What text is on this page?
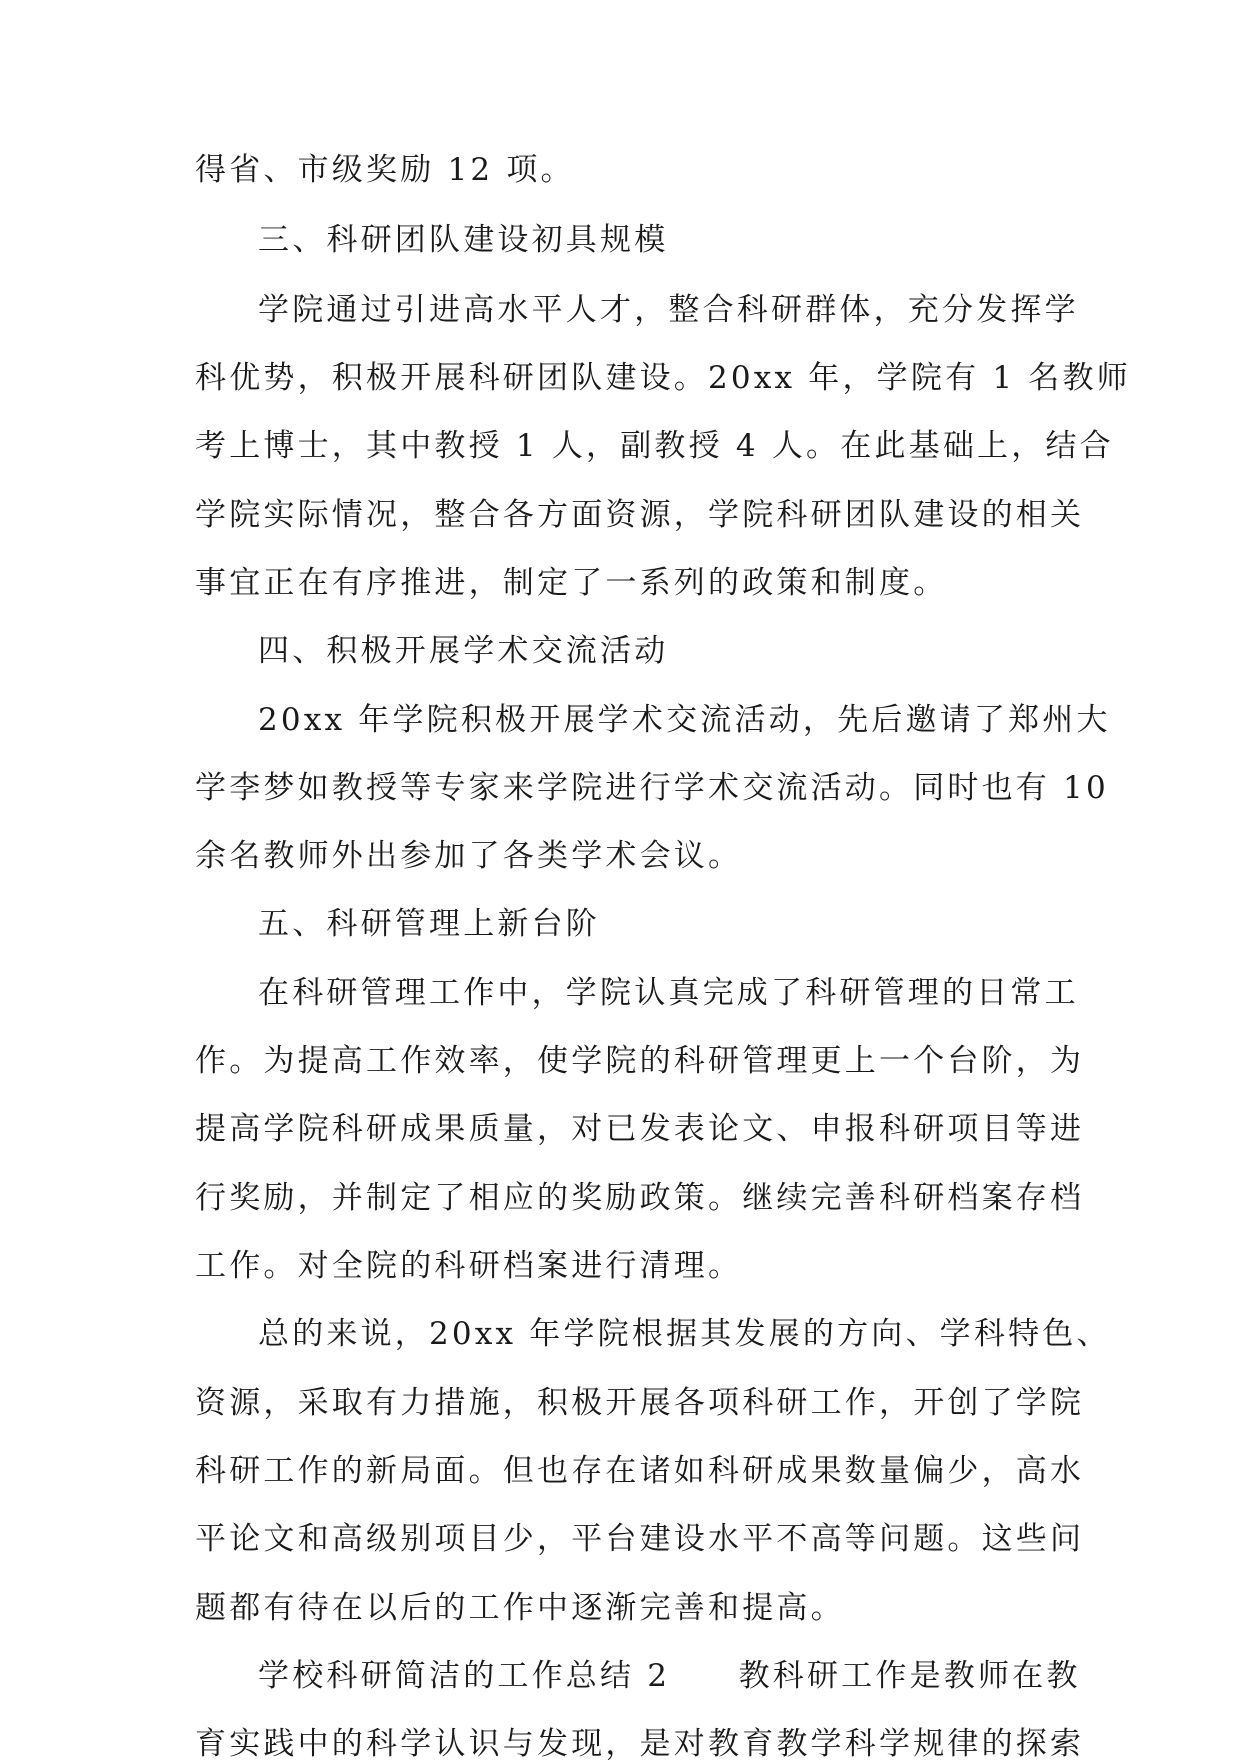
得省、市级奖励 12 项。
三、科研团队建设初具规模
学院通过引进高水平人才，整合科研群体，充分发挥学
科优势，积极开展科研团队建设。20xx 年，学院有 1 名教师
考上博士，其中教授 1 人，副教授 4 人。在此基础上，结合
学院实际情况，整合各方面资源，学院科研团队建设的相关
事宜正在有序推进，制定了一系列的政策和制度。
四、积极开展学术交流活动
20xx 年学院积极开展学术交流活动，先后邀请了郑州大
学李梦如教授等专家来学院进行学术交流活动。同时也有 10
余名教师外出参加了各类学术会议。
五、科研管理上新台阶
在科研管理工作中，学院认真完成了科研管理的日常工
作。为提高工作效率，使学院的科研管理更上一个台阶，为
提高学院科研成果质量，对已发表论文、申报科研项目等进
行奖励，并制定了相应的奖励政策。继续完善科研档案存档
工作。对全院的科研档案进行清理。
总的来说，20xx 年学院根据其发展的方向、学科特色、
资源，采取有力措施，积极开展各项科研工作，开创了学院
科研工作的新局面。但也存在诸如科研成果数量偏少，高水
平论文和高级别项目少，平台建设水平不高等问题。这些问
题都有待在以后的工作中逐渐完善和提高。
学校科研简洁的工作总结 2　　教科研工作是教师在教
育实践中的科学认识与发现，是对教育教学科学规律的探索
